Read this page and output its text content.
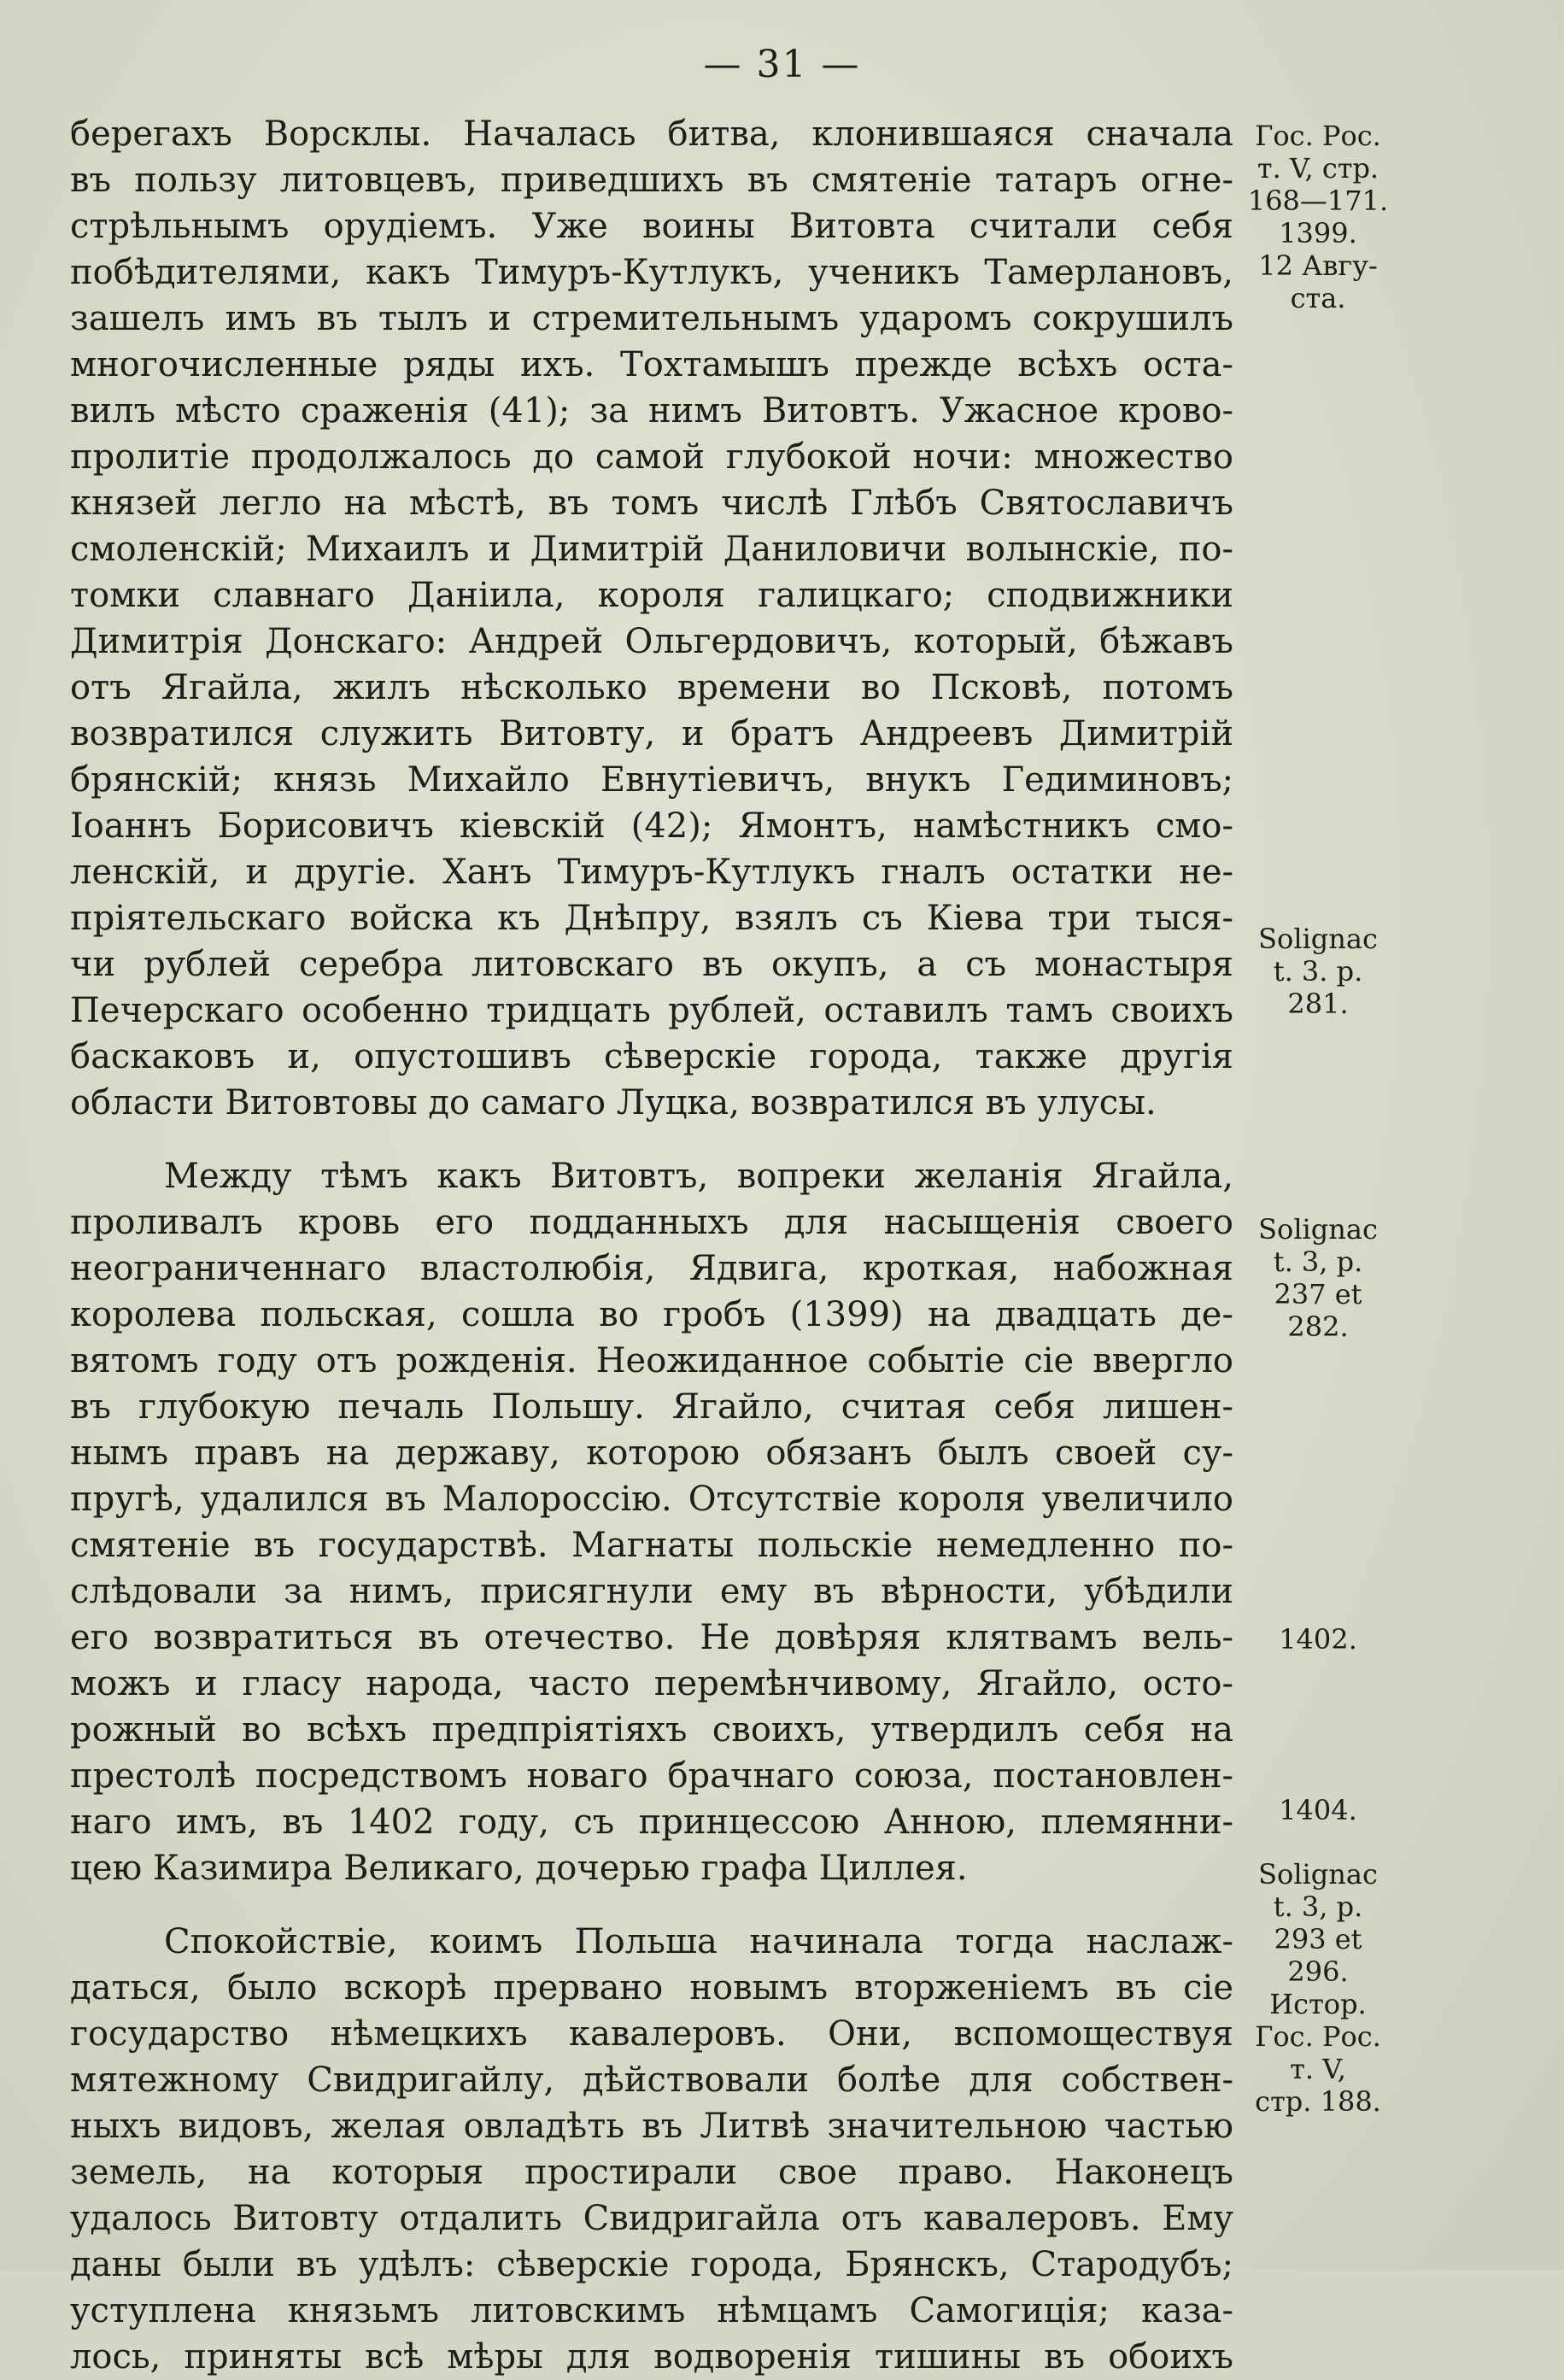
— 31 —
берегахъ Ворсклы. Началась битва, клонившаяся сначала
въ пользу литовцевъ, приведшихъ въ смятенiе татаръ огне-
стрѣльнымъ орудiемъ. Уже воины Витовта считали себя
побѣдителями, какъ Тимуръ-Кутлукъ, ученикъ Тамерлановъ,
зашелъ имъ въ тылъ и стремительнымъ ударомъ сокрушилъ
многочисленные ряды ихъ. Тохтамышъ прежде всѣхъ оста-
вилъ мѣсто сраженiя (41); за нимъ Витовтъ. Ужасное крово-
пролитiе продолжалось до самой глубокой ночи: множество
князей легло на мѣстѣ, въ томъ числѣ Глѣбъ Святославичъ
смоленскiй; Михаилъ и Димитрiй Даниловичи волынскiе, по-
томки славнаго Данiила, короля галицкаго; сподвижники
Димитрiя Донскаго: Андрей Ольгердовичъ, который, бѣжавъ
отъ Ягайла, жилъ нѣсколько времени во Псковѣ, потомъ
возвратился служить Витовту, и братъ Андреевъ Димитрiй
брянскiй; князь Михайло Евнутiевичъ, внукъ Гедиминовъ;
Iоаннъ Борисовичъ кiевскiй (42); Ямонтъ, намѣстникъ смо-
ленскiй, и другiе. Ханъ Тимуръ-Кутлукъ гналъ остатки не-
прiятельскаго войска къ Днѣпру, взялъ съ Кiева три тыся-
чи рублей серебра литовскаго въ окупъ, а съ монастыря
Печерскаго особенно тридцать рублей, оставилъ тамъ своихъ
баскаковъ и, опустошивъ сѣверскiе города, также другiя
области Витовтовы до самаго Луцка, возвратился въ улусы.
Между тѣмъ какъ Витовтъ, вопреки желанiя Ягайла,
проливалъ кровь его подданныхъ для насыщенiя своего
неограниченнаго властолюбiя, Ядвига, кроткая, набожная
королева польская, сошла во гробъ (1399) на двадцать де-
вятомъ году отъ рожденiя. Неожиданное событiе сiе ввергло
въ глубокую печаль Польшу. Ягайло, считая себя лишен-
нымъ правъ на державу, которою обязанъ былъ своей су-
пругѣ, удалился въ Малороссiю. Отсутствiе короля увеличило
смятенiе въ государствѣ. Магнаты польскiе немедленно по-
слѣдовали за нимъ, присягнули ему въ вѣрности, убѣдили
его возвратиться въ отечество. Не довѣряя клятвамъ вель-
можъ и гласу народа, часто перемѣнчивому, Ягайло, осто-
рожный во всѣхъ предпрiятiяхъ своихъ, утвердилъ себя на
престолѣ посредствомъ новаго брачнаго союза, постановлен-
наго имъ, въ 1402 году, съ принцессою Анною, племянни-
цею Казимира Великаго, дочерью графа Циллея.
Спокойствiе, коимъ Польша начинала тогда наслаж-
даться, было вскорѣ прервано новымъ вторженiемъ въ сiе
государство нѣмецкихъ кавалеровъ. Они, вспомоществуя
мятежному Свидригайлу, дѣйствовали болѣе для собствен-
ныхъ видовъ, желая овладѣть въ Литвѣ значительною частью
земель, на которыя простирали свое право. Наконецъ
удалось Витовту отдалить Свидригайла отъ кавалеровъ. Ему
даны были въ удѣлъ: сѣверскiе города, Брянскъ, Стародубъ;
уступлена князьмъ литовскимъ нѣмцамъ Самогицiя; каза-
лось, приняты всѣ мѣры для водворенiя тишины въ обоихъ
Гос. Рос.
т. V, стр.
168—171.
1399.
12 Авгу-
ста.
Solignac
t. 3. p.
281.
Solignac
t. 3, p.
237 et
282.
1402.
1404.
Solignac
t. 3, p.
293 et
296.
Истор.
Гос. Рос.
т. V,
стр. 188.
